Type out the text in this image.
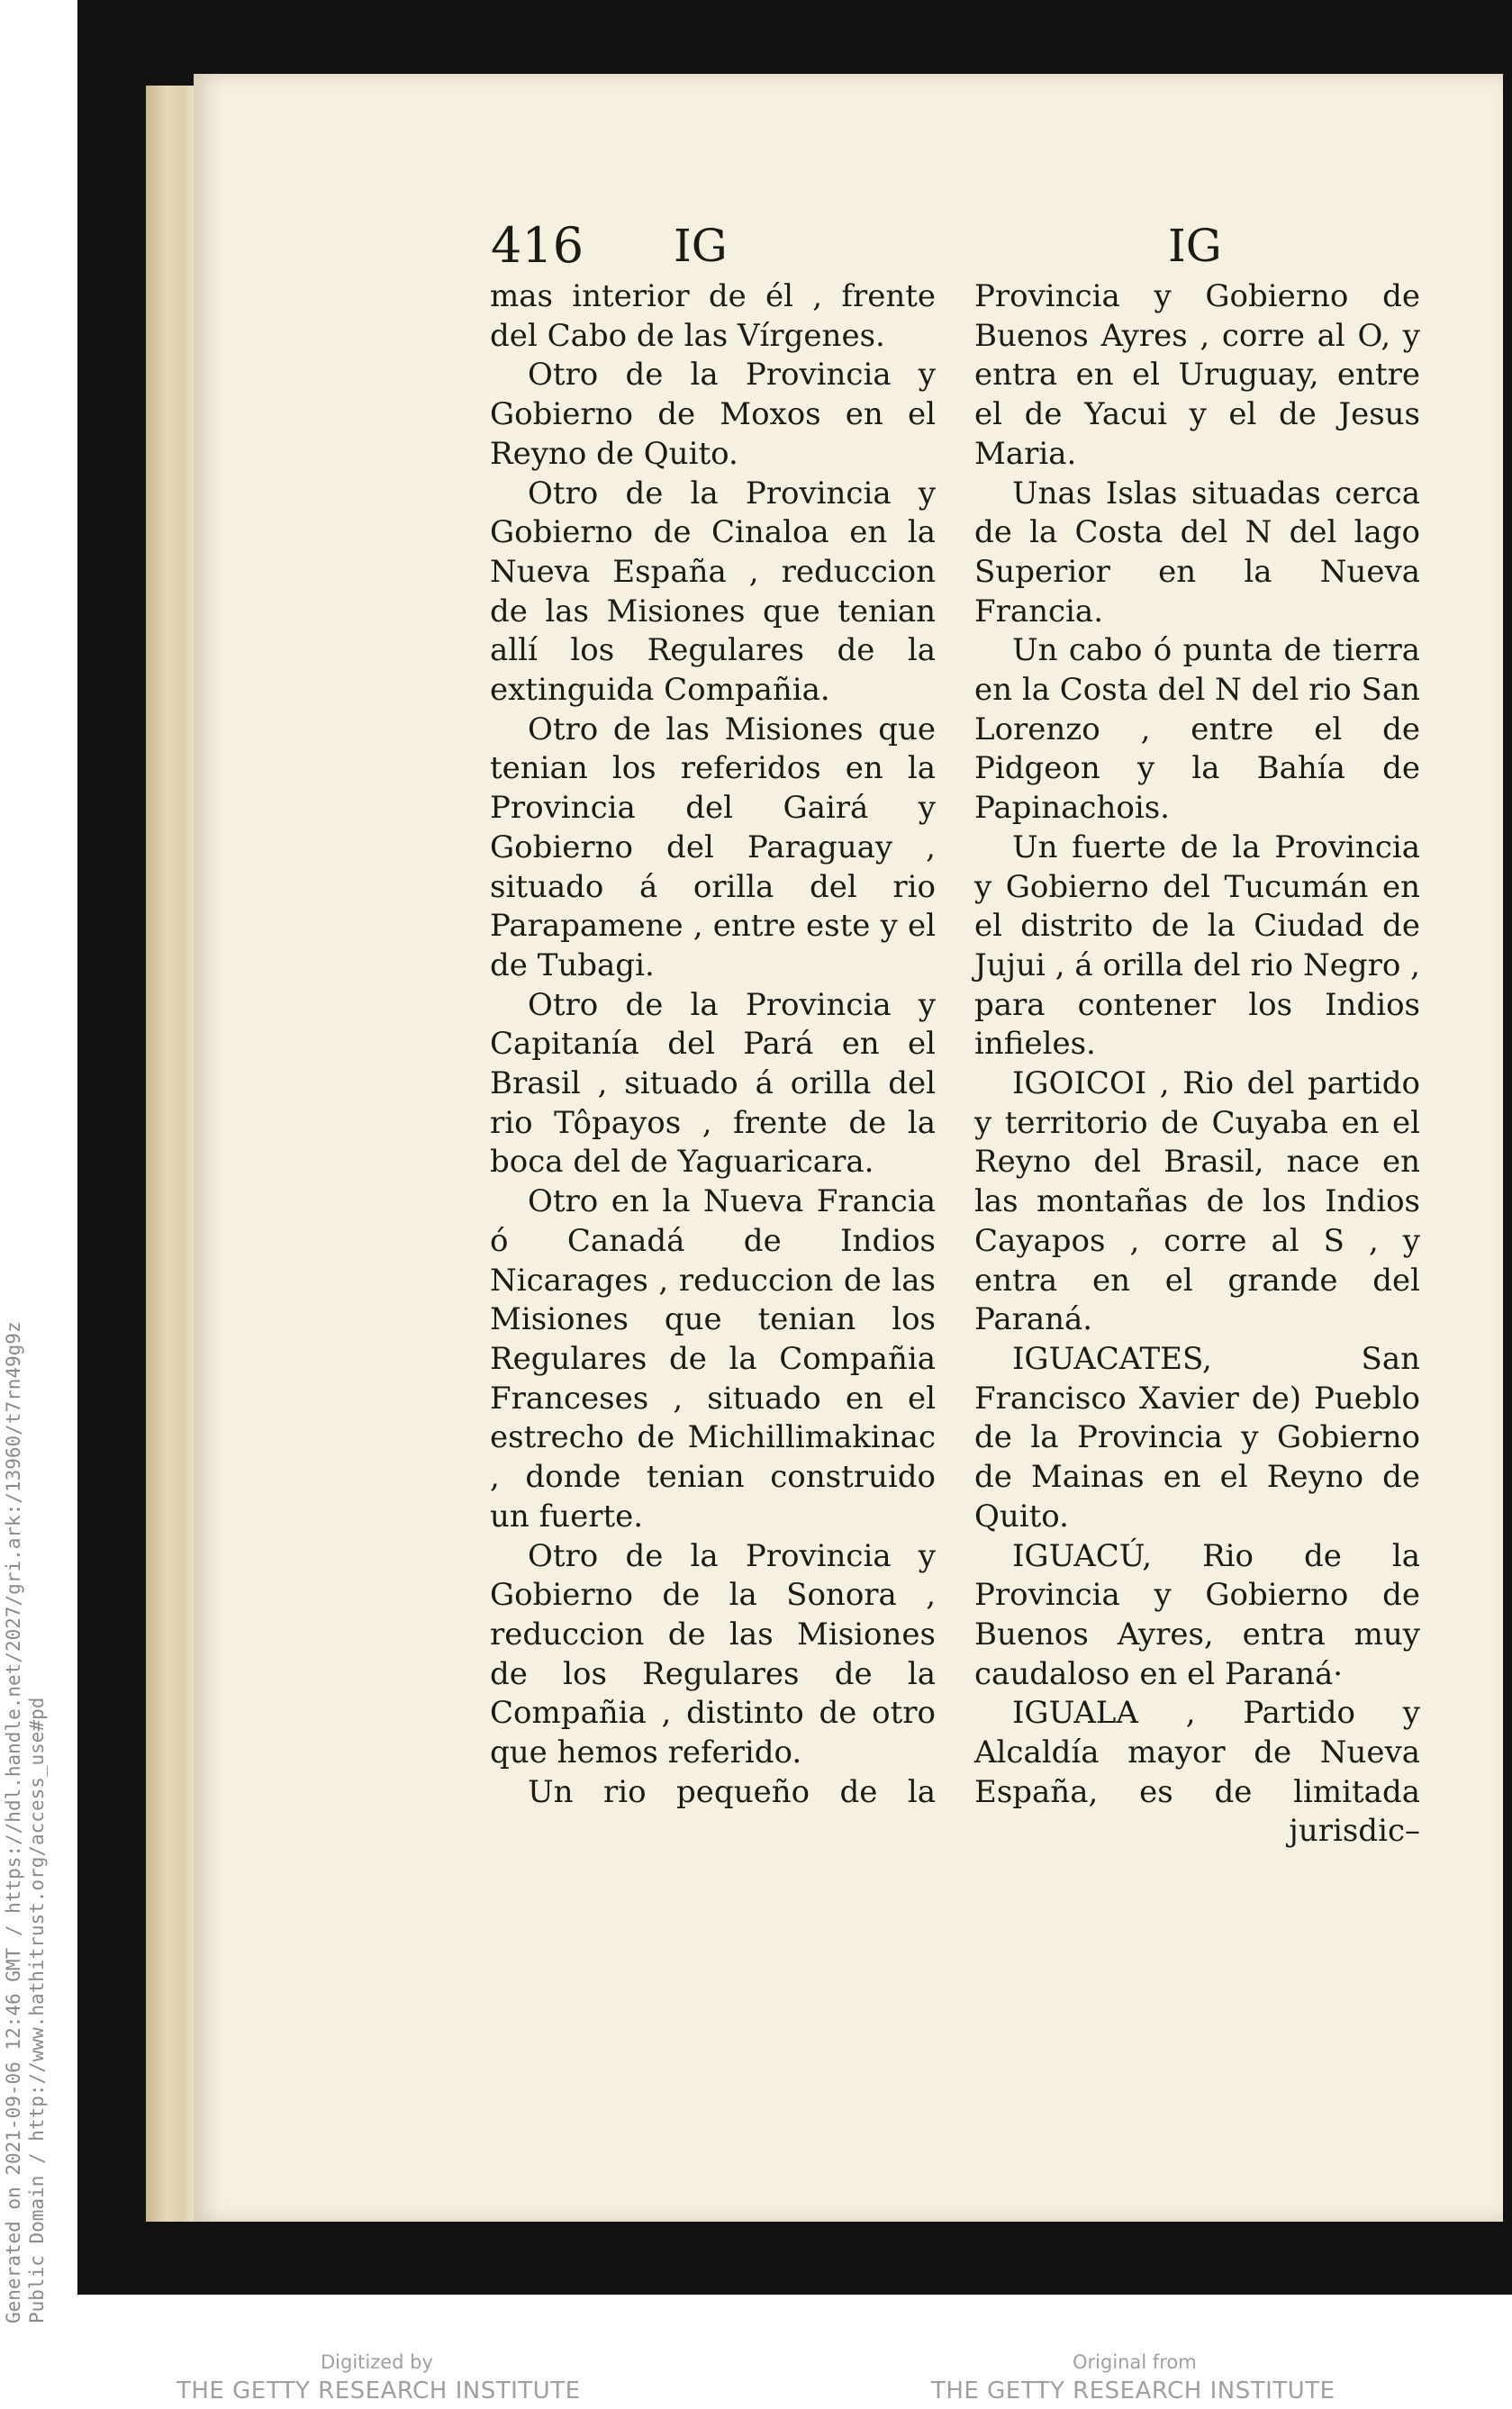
416 IG	IG

mas interior de él , frente del Cabo de las Vírgenes.

Otro de la Provincia y Gobierno de Moxos en el Reyno de Quito.

Otro de la Provincia y Gobierno de Cinaloa en la Nueva España , reduccion de las Misiones que tenian allí los Regulares de la extinguida Compañia.

Otro de las Misiones que tenian los referidos en la Provincia del Gairá y Gobierno del Paraguay , situado á orilla del rio Parapamene , entre este y el de Tubagi.

Otro de la Provincia y Capitanía del Pará en el Brasil , situado á orilla del rio Tôpayos , frente de la boca del de Yaguaricara.

Otro en la Nueva Francia ó Canadá de Indios Nicarages , reduccion de las Misiones que tenian los Regulares de la Compañia Franceses , situado en el estrecho de Michillimakinac , donde tenian construido un fuerte.

Otro de la Provincia y Gobierno de la Sonora , reduccion de las Misiones de los Regulares de la Compañia , distinto de otro que hemos referido.

Un rio pequeño de la

Provincia y Gobierno de Buenos Ayres , corre al O, y entra en el Uruguay, entre el de Yacui y el de Jesus Maria.

Unas Islas situadas cerca de la Costa del N del lago Superior en la Nueva Francia.

Un cabo ó punta de tierra en la Costa del N del rio San Lorenzo , entre el de Pidgeon y la Bahía de Papinachois.

Un fuerte de la Provincia y Gobierno del Tucumán en el distrito de la Ciudad de Jujui , á orilla del rio Negro , para contener los Indios infieles.

IGOICOI , Rio del partido y territorio de Cuyaba en el Reyno del Brasil, nace en las montañas de los Indios Cayapos , corre al S , y entra en el grande del Paraná.

IGUACATES, San Francisco Xavier de) Pueblo de la Provincia y Gobierno de Mainas en el Reyno de Quito.

IGUACÚ, Rio de la Provincia y Gobierno de Buenos Ayres, entra muy caudaloso en el Paraná·

IGUALA , Partido y Alcaldía mayor de Nueva España, es de limitada jurisdic–

Generated on 2021-09-06 12:46 GMT / https://hdl.handle.net/2027/gri.ark:/13960/t7rn49g9z Public Domain / http://www.hathitrust.org/access_use#pd
Digitized by
THE GETTY RESEARCH INSTITUTE
Original from
THE GETTY RESEARCH INSTITUTE
